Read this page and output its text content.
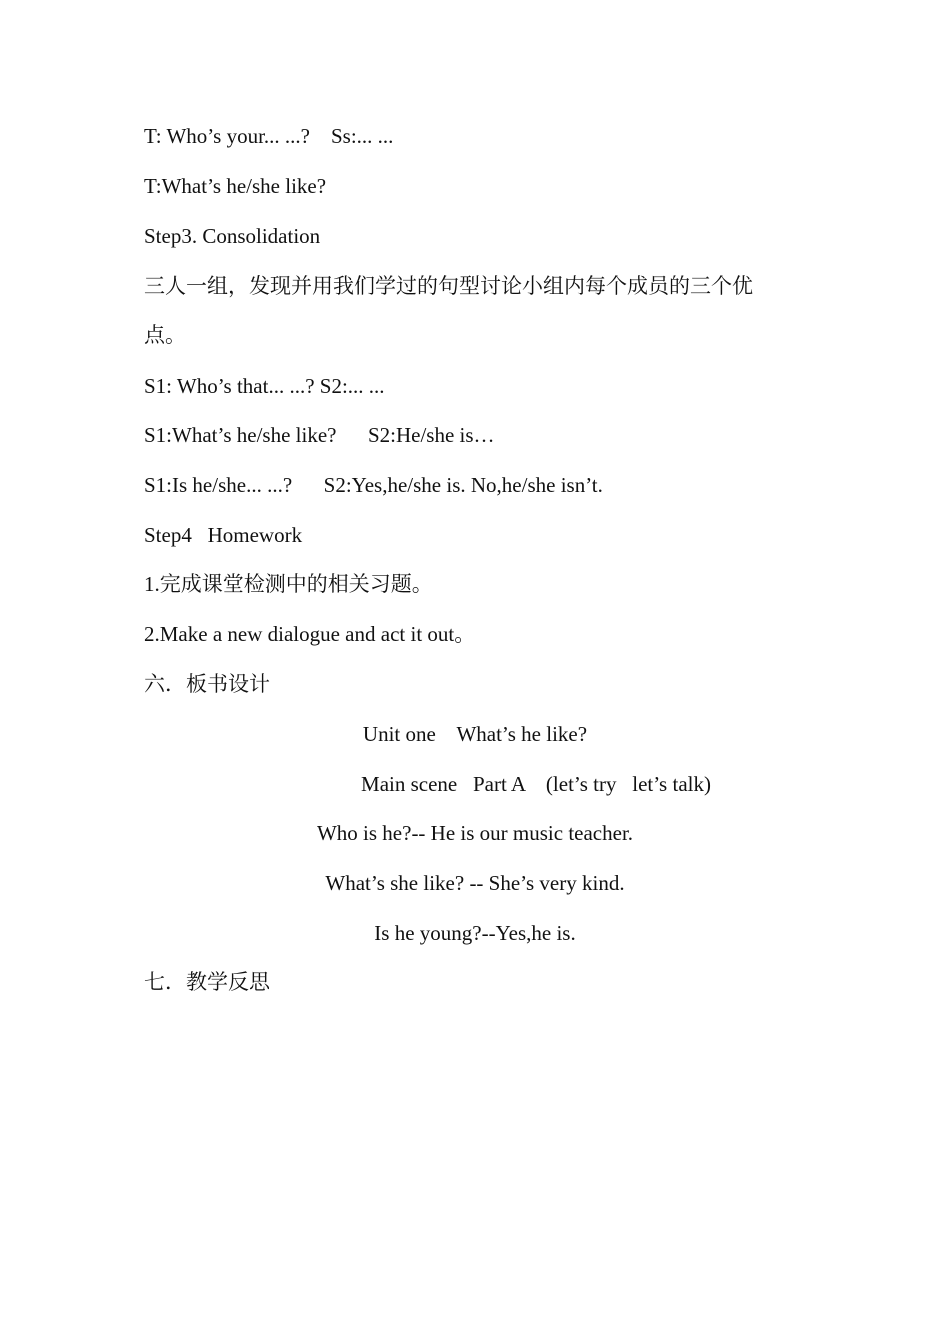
T: Who’s your... ...?    Ss:... ...
T:What’s he/she like?
Step3. Consolidation
三人一组，发现并用我们学过的句型讨论小组内每个成员的三个优
点。
S1: Who’s that... ...? S2:... ...
S1:What’s he/she like?      S2:He/she is…
S1:Is he/she... ...?      S2:Yes,he/she is. No,he/she isn’t.
Step4   Homework
1.完成课堂检测中的相关习题。
2.Make a new dialogue and act it out。
六．板书设计
Unit one    What’s he like?
Main scene   Part A    (let’s try   let’s talk)
Who is he?-- He is our music teacher.
What’s she like? -- She’s very kind.
Is he young?--Yes,he is.
七．教学反思
